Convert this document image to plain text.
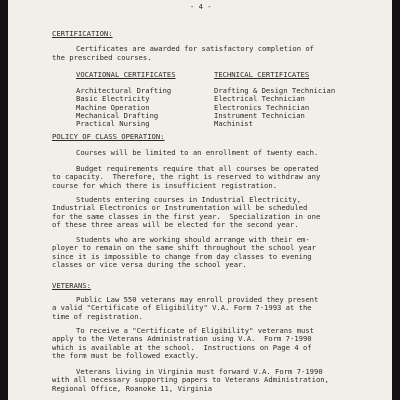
- 4 -
CERTIFICATION:
Certificates are awarded for satisfactory completion of
the prescribed courses.
VOCATIONAL CERTIFICATES
Architectural Drafting
Basic Electricity
Machine Operation
Mechanical Drafting
Practical Nursing
TECHNICAL CERTIFICATES
Drafting & Design Technician
Electrical Technician
Electronics Technician
Instrument Technician
Machinist
POLICY OF CLASS OPERATION:
Courses will be limited to an enrollment of twenty each.
Budget requirements require that all courses be operated
to capacity.  Therefore, the right is reserved to withdraw any
course for which there is insufficient registration.
Students entering courses in Industrial Electricity,
Industrial Electronics or Instrumentation will be scheduled
for the same classes in the first year.  Specialization in one
of these three areas will be elected for the second year.
Students who are working should arrange with their em-
ployer to remain on the same shift throughout the school year
since it is impossible to change from day classes to evening
classes or vice versa during the school year.
VETERANS:
Public Law 550 veterans may enroll provided they present
a valid "Certificate of Eligibility" V.A. Form 7-1993 at the
time of registration.
To receive a "Certificate of Eligibility" veterans must
apply to the Veterans Administration using V.A.  Form 7-1990
which is available at the school.  Instructions on Page 4 of
the form must be followed exactly.
Veterans living in Virginia must forward V.A. Form 7-1990
with all necessary supporting papers to Veterans Administration,
Regional Office, Roanoke 11, Virginia
